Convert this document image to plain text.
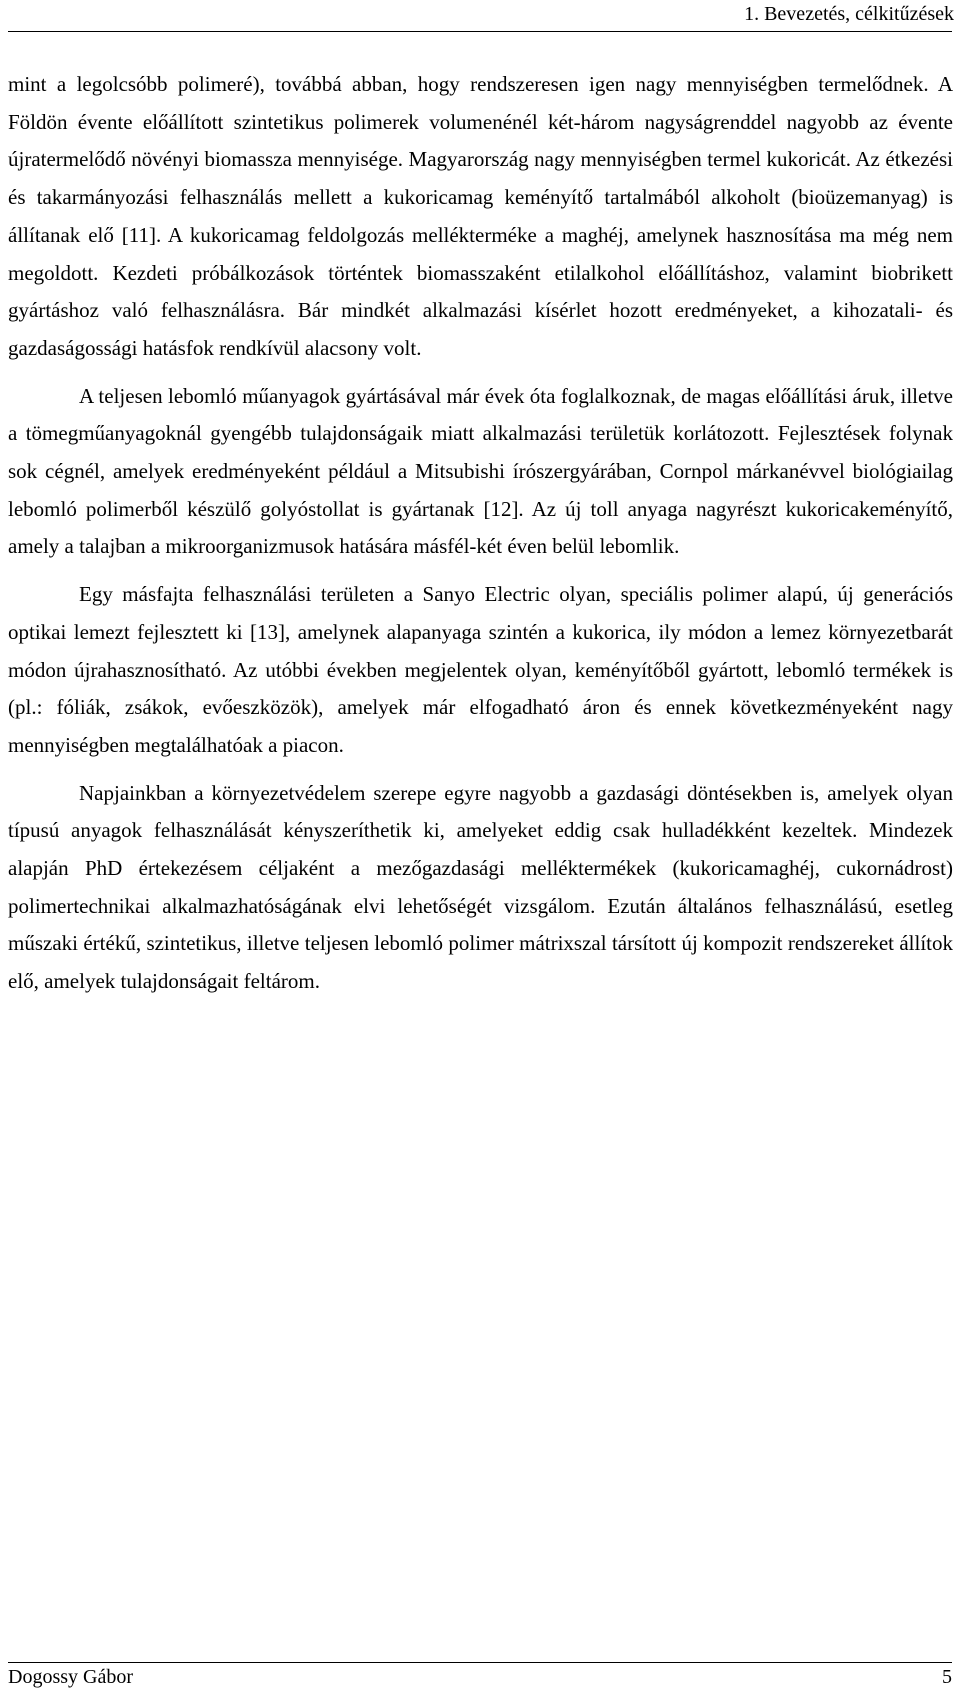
1. Bevezetés, célkitűzések

mint a legolcsóbb polimeré), továbbá abban, hogy rendszeresen igen nagy mennyiségben termelődnek. A Földön évente előállított szintetikus polimerek volumenénél két-három nagyságrenddel nagyobb az évente újratermelődő növényi biomassza mennyisége. Magyarország nagy mennyiségben termel kukoricát. Az étkezési és takarmányozási felhasználás mellett a kukoricamag keményítő tartalmából alkoholt (bioüzemanyag) is állítanak elő [11]. A kukoricamag feldolgozás mellékterméke a maghéj, amelynek hasznosítása ma még nem megoldott. Kezdeti próbálkozások történtek biomasszaként etilalkohol előállításhoz, valamint biobrikett gyártáshoz való felhasználásra. Bár mindkét alkalmazási kísérlet hozott eredményeket, a kihozatali- és gazdaságossági hatásfok rendkívül alacsony volt.

A teljesen lebomló műanyagok gyártásával már évek óta foglalkoznak, de magas előállítási áruk, illetve a tömegműanyagoknál gyengébb tulajdonságaik miatt alkalmazási területük korlátozott. Fejlesztések folynak sok cégnél, amelyek eredményeként például a Mitsubishi írószergyárában, Cornpol márkanévvel biológiailag lebomló polimerből készülő golyóstollat is gyártanak [12]. Az új toll anyaga nagyrészt kukoricakeményítő, amely a talajban a mikroorganizmusok hatására másfél-két éven belül lebomlik.

Egy másfajta felhasználási területen a Sanyo Electric olyan, speciális polimer alapú, új generációs optikai lemezt fejlesztett ki [13], amelynek alapanyaga szintén a kukorica, ily módon a lemez környezetbarát módon újrahasznosítható. Az utóbbi években megjelentek olyan, keményítőből gyártott, lebomló termékek is (pl.: fóliák, zsákok, evőeszközök), amelyek már elfogadható áron és ennek következményeként nagy mennyiségben megtalálhatóak a piacon.

Napjainkban a környezetvédelem szerepe egyre nagyobb a gazdasági döntésekben is, amelyek olyan típusú anyagok felhasználását kényszeríthetik ki, amelyeket eddig csak hulladékként kezeltek. Mindezek alapján PhD értekezésem céljaként a mezőgazdasági melléktermékek (kukoricamaghéj, cukornádrost) polimertechnikai alkalmazhatóságának elvi lehetőségét vizsgálom. Ezután általános felhasználású, esetleg műszaki értékű, szintetikus, illetve teljesen lebomló polimer mátrixszal társított új kompozit rendszereket állítok elő, amelyek tulajdonságait feltárom.

Dogossy Gábor	5
